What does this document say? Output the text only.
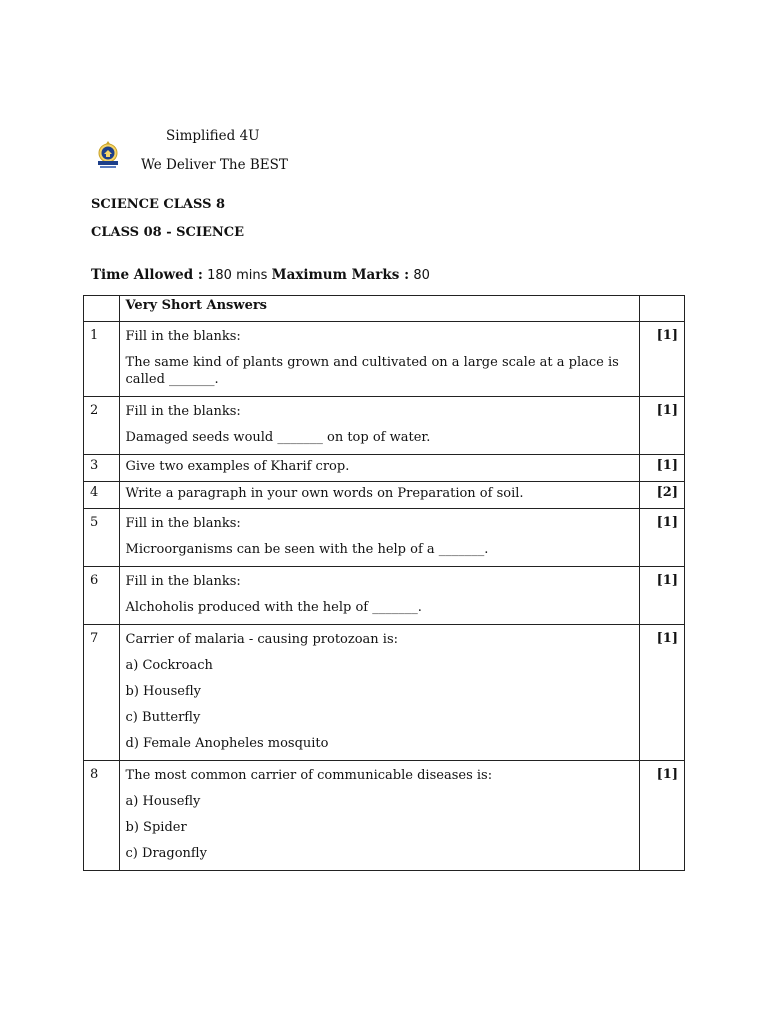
Simplified 4U
We Deliver The BEST
SCIENCE CLASS 8
CLASS 08 - SCIENCE
Time Allowed : 180 mins Maximum Marks : 80
	Very Short Answers	
1	Fill in the blanks:
The same kind of plants grown and cultivated on a large scale at a place is called _______.	[1]
2	Fill in the blanks:
Damaged seeds would _______ on top of water.	[1]
3	Give two examples of Kharif crop.	[1]
4	Write a paragraph in your own words on Preparation of soil.	[2]
5	Fill in the blanks:
Microorganisms can be seen with the help of a _______.	[1]
6	Fill in the blanks:
Alchoholis produced with the help of _______.	[1]
7	Carrier of malaria - causing protozoan is:
a) Cockroach
b) Housefly
c) Butterfly
d) Female Anopheles mosquito	[1]
8	The most common carrier of communicable diseases is:
a) Housefly
b) Spider
c) Dragonfly	[1]
